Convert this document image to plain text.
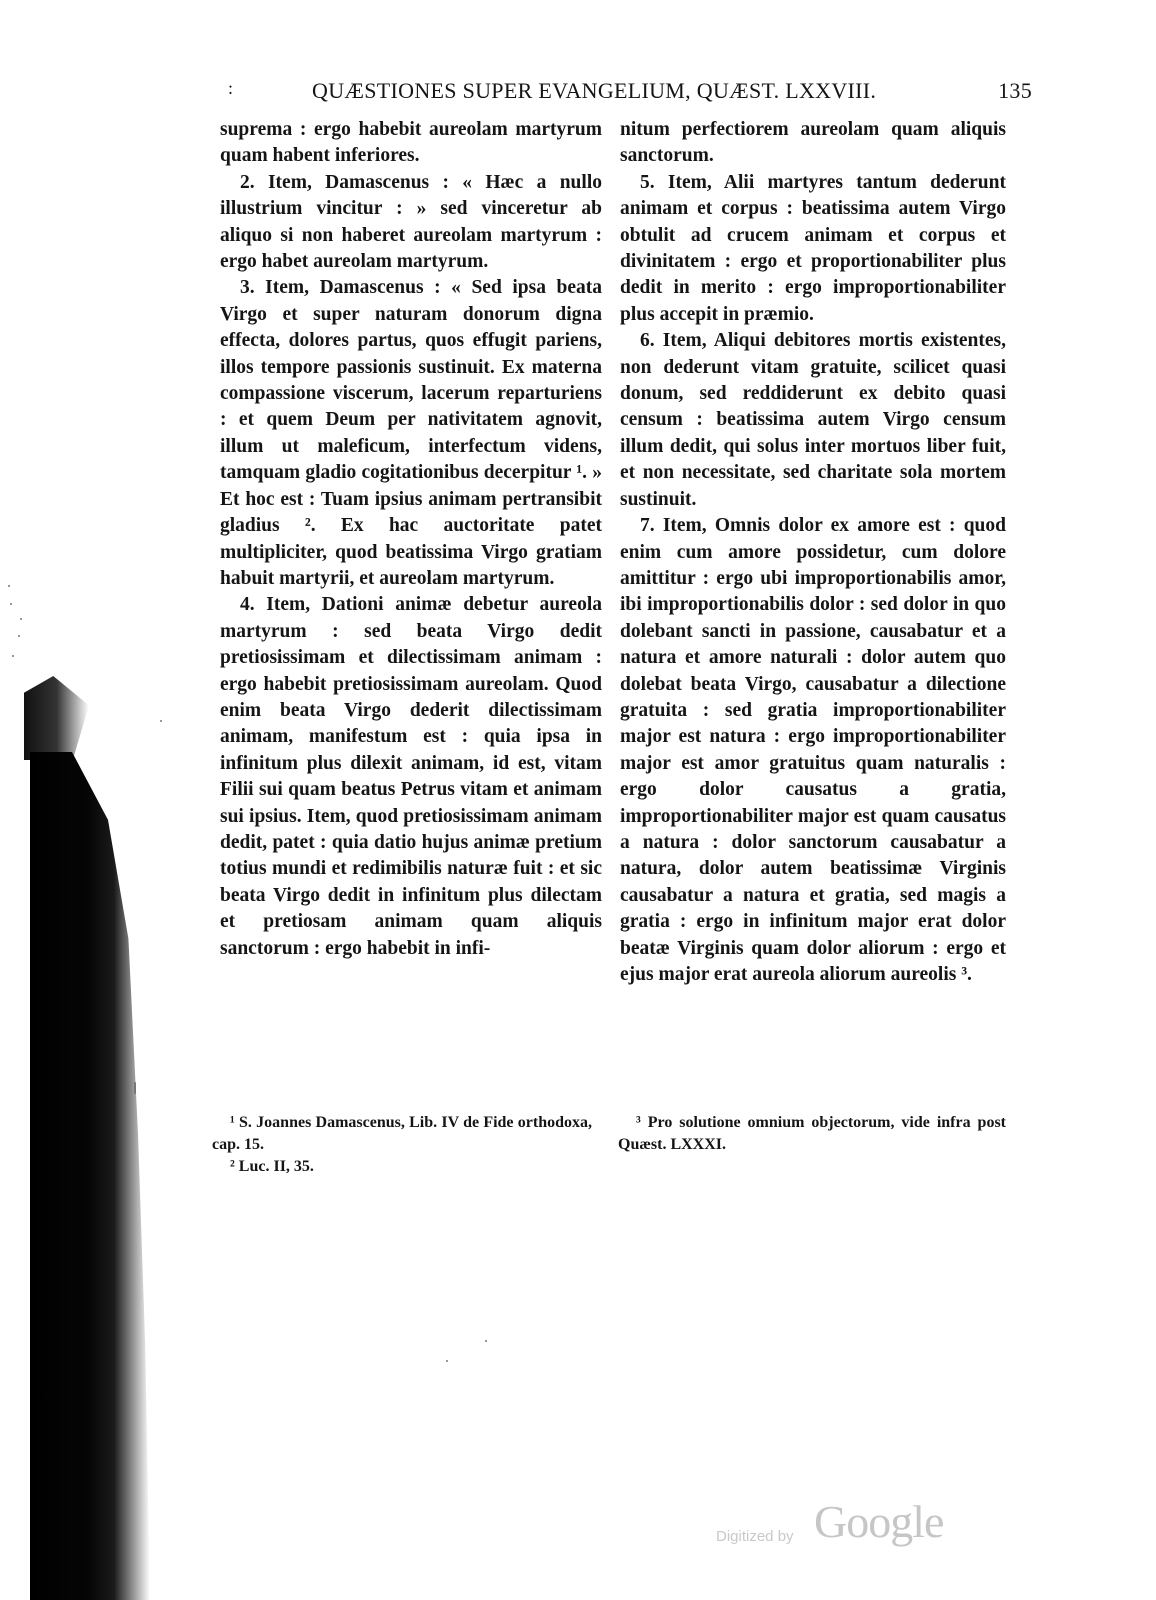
:	QUÆSTIONES SUPER EVANGELIUM, QUÆST. LXXVIII.	135

suprema : ergo habebit aureolam martyrum quam habent inferiores.

2. Item, Damascenus : « Hæc a nullo illustrium vincitur : » sed vinceretur ab aliquo si non haberet aureolam martyrum : ergo habet aureolam martyrum.

3. Item, Damascenus : « Sed ipsa beata Virgo et super naturam donorum digna effecta, dolores partus, quos effugit pariens, illos tempore passionis sustinuit. Ex materna compassione viscerum, lacerum reparturiens : et quem Deum per nativitatem agnovit, illum ut maleficum, interfectum videns, tamquam gladio cogitationibus decerpitur ¹. » Et hoc est : Tuam ipsius animam pertransibit gladius ². Ex hac auctoritate patet multipliciter, quod beatissima Virgo gratiam habuit martyrii, et aureolam martyrum.

4. Item, Dationi animæ debetur aureola martyrum : sed beata Virgo dedit pretiosissimam et dilectissimam animam : ergo habebit pretiosissimam aureolam. Quod enim beata Virgo dederit dilectissimam animam, manifestum est : quia ipsa in infinitum plus dilexit animam, id est, vitam Filii sui quam beatus Petrus vitam et animam sui ipsius. Item, quod pretiosissimam animam dedit, patet : quia datio hujus animæ pretium totius mundi et redimibilis naturæ fuit : et sic beata Virgo dedit in infinitum plus dilectam et pretiosam animam quam aliquis sanctorum : ergo habebit in infi-

nitum perfectiorem aureolam quam aliquis sanctorum.

5. Item, Alii martyres tantum dederunt animam et corpus : beatissima autem Virgo obtulit ad crucem animam et corpus et divinitatem : ergo et proportionabiliter plus dedit in merito : ergo improportionabiliter plus accepit in præmio.

6. Item, Aliqui debitores mortis existentes, non dederunt vitam gratuite, scilicet quasi donum, sed reddiderunt ex debito quasi censum : beatissima autem Virgo censum illum dedit, qui solus inter mortuos liber fuit, et non necessitate, sed charitate sola mortem sustinuit.

7. Item, Omnis dolor ex amore est : quod enim cum amore possidetur, cum dolore amittitur : ergo ubi improportionabilis amor, ibi improportionabilis dolor : sed dolor in quo dolebant sancti in passione, causabatur et a natura et amore naturali : dolor autem quo dolebat beata Virgo, causabatur a dilectione gratuita : sed gratia improportionabiliter major est natura : ergo improportionabiliter major est amor gratuitus quam naturalis : ergo dolor causatus a gratia, improportionabiliter major est quam causatus a natura : dolor sanctorum causabatur a natura, dolor autem beatissimæ Virginis causabatur a natura et gratia, sed magis a gratia : ergo in infinitum major erat dolor beatæ Virginis quam dolor aliorum : ergo et ejus major erat aureola aliorum aureolis ³.

¹ S. Joannes Damascenus, Lib. IV de Fide orthodoxa, cap. 15.

² Luc. II, 35.

³ Pro solutione omnium objectorum, vide infra post Quæst. LXXXI.

Digitized by Google
